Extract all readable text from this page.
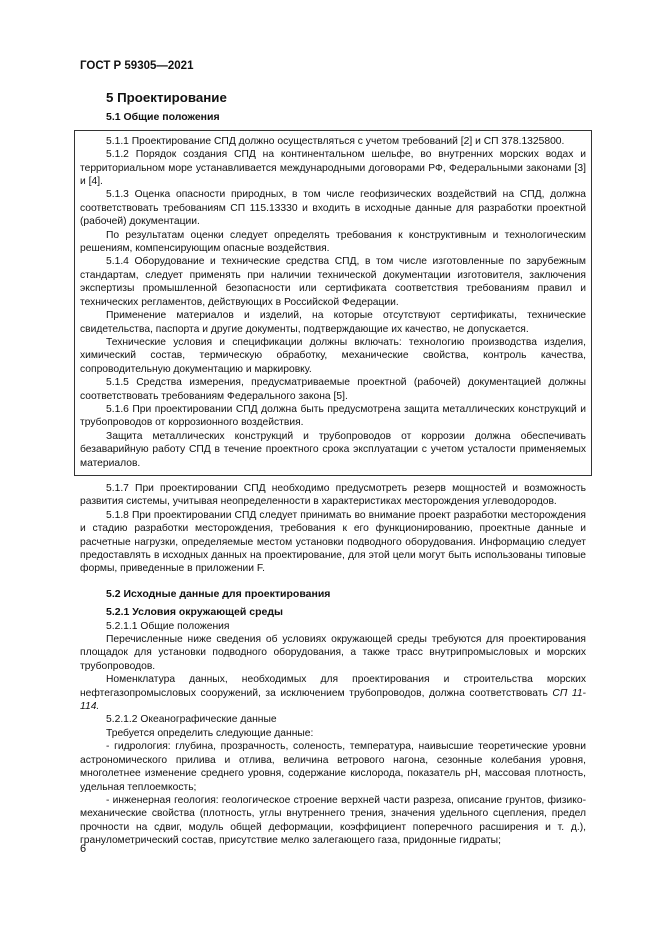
ГОСТ Р 59305—2021

5 Проектирование

5.1 Общие положения

5.1.1 Проектирование СПД должно осуществляться с учетом требований [2] и СП 378.1325800.

5.1.2 Порядок создания СПД на континентальном шельфе, во внутренних морских водах и территориальном море устанавливается международными договорами РФ, Федеральными законами [3] и [4].

5.1.3 Оценка опасности природных, в том числе геофизических воздействий на СПД, должна соответствовать требованиям СП 115.13330 и входить в исходные данные для разработки проектной (рабочей) документации.

По результатам оценки следует определять требования к конструктивным и технологическим решениям, компенсирующим опасные воздействия.

5.1.4 Оборудование и технические средства СПД, в том числе изготовленные по зарубежным стандартам, следует применять при наличии технической документации изготовителя, заключения экспертизы промышленной безопасности или сертификата соответствия требованиям правил и технических регламентов, действующих в Российской Федерации.

Применение материалов и изделий, на которые отсутствуют сертификаты, технические свидетельства, паспорта и другие документы, подтверждающие их качество, не допускается.

Технические условия и спецификации должны включать: технологию производства изделия, химический состав, термическую обработку, механические свойства, контроль качества, сопроводительную документацию и маркировку.

5.1.5 Средства измерения, предусматриваемые проектной (рабочей) документацией должны соответствовать требованиям Федерального закона [5].

5.1.6 При проектировании СПД должна быть предусмотрена защита металлических конструкций и трубопроводов от коррозионного воздействия.

Защита металлических конструкций и трубопроводов от коррозии должна обеспечивать безаварийную работу СПД в течение проектного срока эксплуатации с учетом усталости применяемых материалов.

5.1.7 При проектировании СПД необходимо предусмотреть резерв мощностей и возможность развития системы, учитывая неопределенности в характеристиках месторождения углеводородов.

5.1.8 При проектировании СПД следует принимать во внимание проект разработки месторождения и стадию разработки месторождения, требования к его функционированию, проектные данные и расчетные нагрузки, определяемые местом установки подводного оборудования. Информацию следует предоставлять в исходных данных на проектирование, для этой цели могут быть использованы типовые формы, приведенные в приложении F.

5.2 Исходные данные для проектирования

5.2.1 Условия окружающей среды

5.2.1.1 Общие положения

Перечисленные ниже сведения об условиях окружающей среды требуются для проектирования площадок для установки подводного оборудования, а также трасс внутрипромысловых и морских трубопроводов.

Номенклатура данных, необходимых для проектирования и строительства морских нефтегазопромысловых сооружений, за исключением трубопроводов, должна соответствовать СП 11-114.

5.2.1.2 Океанографические данные

Требуется определить следующие данные:

- гидрология: глубина, прозрачность, соленость, температура, наивысшие теоретические уровни астрономического прилива и отлива, величина ветрового нагона, сезонные колебания уровня, многолетнее изменение среднего уровня, содержание кислорода, показатель pH, массовая плотность, удельная теплоемкость;

- инженерная геология: геологическое строение верхней части разреза, описание грунтов, физико-механические свойства (плотность, углы внутреннего трения, значения удельного сцепления, предел прочности на сдвиг, модуль общей деформации, коэффициент поперечного расширения и т. д.), гранулометрический состав, присутствие мелко залегающего газа, придонные гидраты;

6
